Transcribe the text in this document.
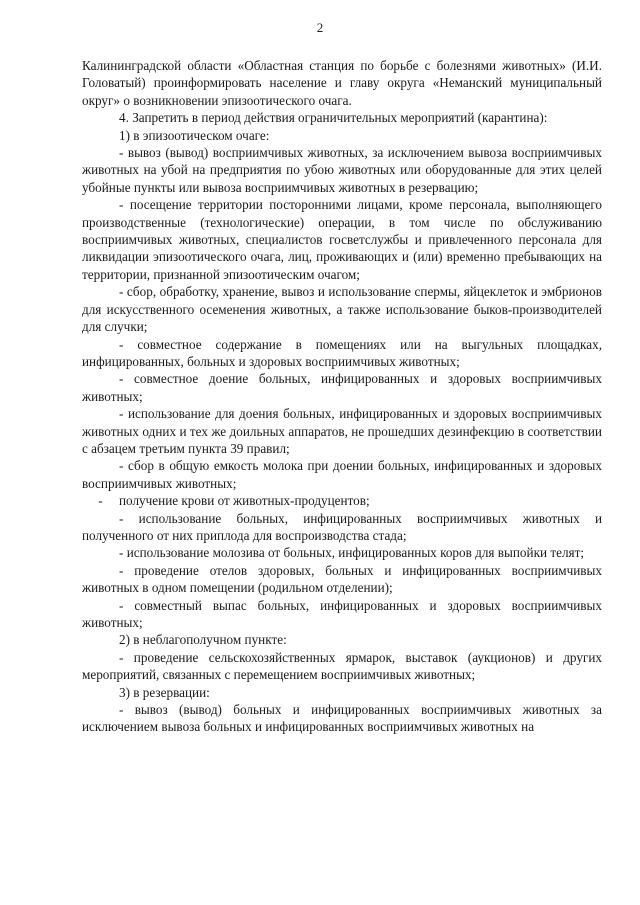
2

Калининградской области «Областная станция по борьбе с болезнями животных» (И.И. Головатый) проинформировать население и главу округа «Неманский муниципальный округ» о возникновении эпизоотического очага.

4. Запретить в период действия ограничительных мероприятий (карантина):

1) в эпизоотическом очаге:

- вывоз (вывод) восприимчивых животных, за исключением вывоза восприимчивых животных на убой на предприятия по убою животных или оборудованные для этих целей убойные пункты или вывоза восприимчивых животных в резервацию;

- посещение территории посторонними лицами, кроме персонала, выполняющего производственные (технологические) операции, в том числе по обслуживанию восприимчивых животных, специалистов госветслужбы и привлеченного персонала для ликвидации эпизоотического очага, лиц, проживающих и (или) временно пребывающих на территории, признанной эпизоотическим очагом;

- сбор, обработку, хранение, вывоз и использование спермы, яйцеклеток и эмбрионов для искусственного осеменения животных, а также использование быков-производителей для случки;

- совместное содержание в помещениях или на выгульных площадках, инфицированных, больных и здоровых восприимчивых животных;

- совместное доение больных, инфицированных и здоровых восприимчивых животных;

- использование для доения больных, инфицированных и здоровых восприимчивых животных одних и тех же доильных аппаратов, не прошедших дезинфекцию в соответствии с абзацем третьим пункта 39 правил;

- сбор в общую емкость молока при доении больных, инфицированных и здоровых восприимчивых животных;

-	получение крови от животных-продуцентов;

- использование больных, инфицированных восприимчивых животных и полученного от них приплода для воспроизводства стада;

- использование молозива от больных, инфицированных коров для выпойки телят;

- проведение отелов здоровых, больных и инфицированных восприимчивых животных в одном помещении (родильном отделении);

- совместный выпас больных, инфицированных и здоровых восприимчивых животных;

2) в неблагополучном пункте:

- проведение сельскохозяйственных ярмарок, выставок (аукционов) и других мероприятий, связанных с перемещением восприимчивых животных;

3) в резервации:

- вывоз (вывод) больных и инфицированных восприимчивых животных за исключением вывоза больных и инфицированных восприимчивых животных на
